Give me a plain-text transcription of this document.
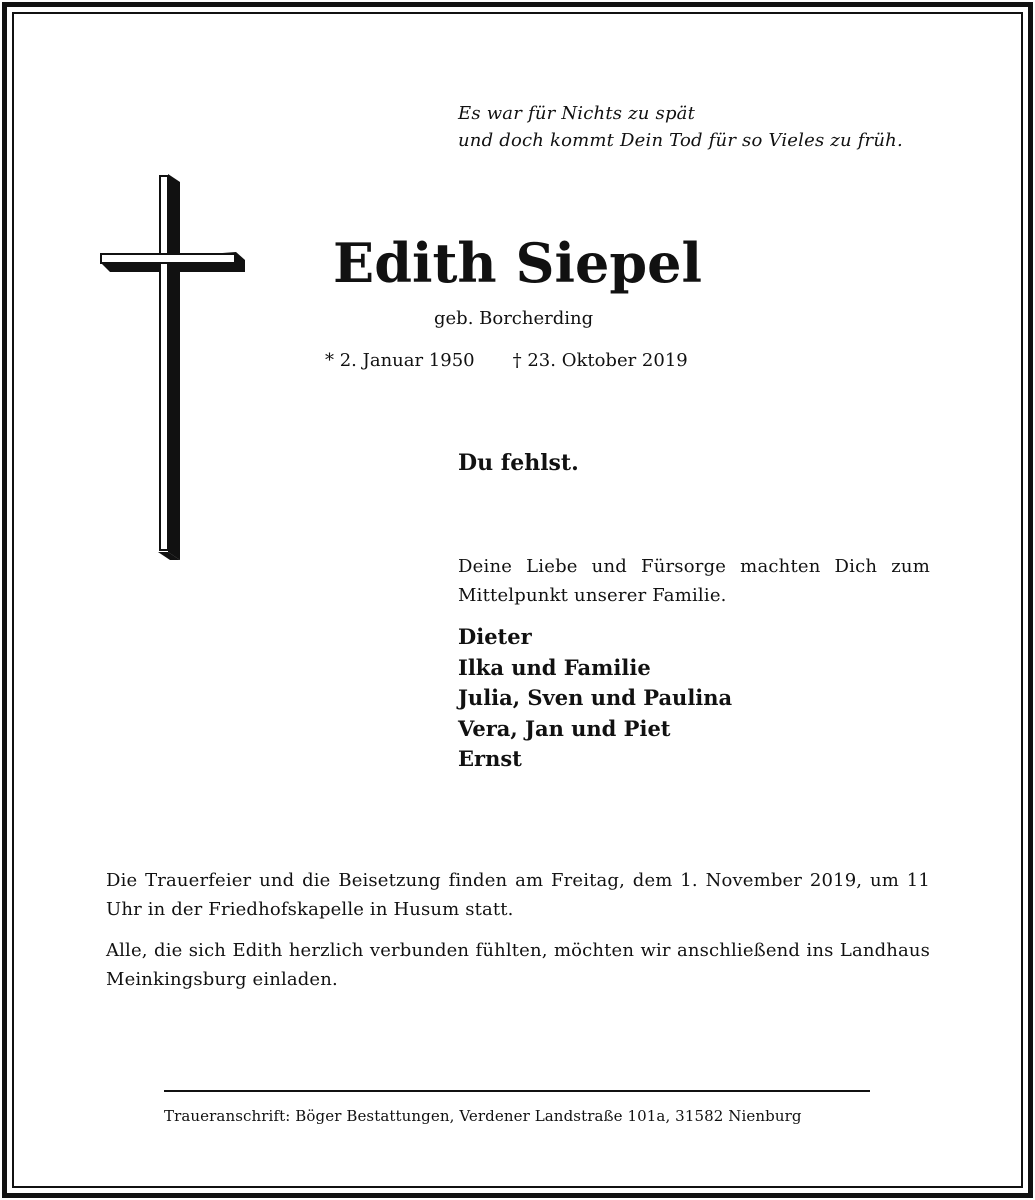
Es war für Nichts zu spät
und doch kommt Dein Tod für so Vieles zu früh.
Edith Siepel
geb. Borcherding
* 2. Januar 1950 † 23. Oktober 2019
Du fehlst.
Deine Liebe und Fürsorge machten Dich zum Mittelpunkt unserer Familie.
Dieter
Ilka und Familie
Julia, Sven und Paulina
Vera, Jan und Piet
Ernst

Die Trauerfeier und die Beisetzung finden am Freitag, dem 1. November 2019, um 11 Uhr in der Friedhofskapelle in Husum statt.

Alle, die sich Edith herzlich verbunden fühlten, möchten wir anschließend ins Landhaus Meinkingsburg einladen.

Traueranschrift: Böger Bestattungen, Verdener Landstraße 101a, 31582 Nienburg
